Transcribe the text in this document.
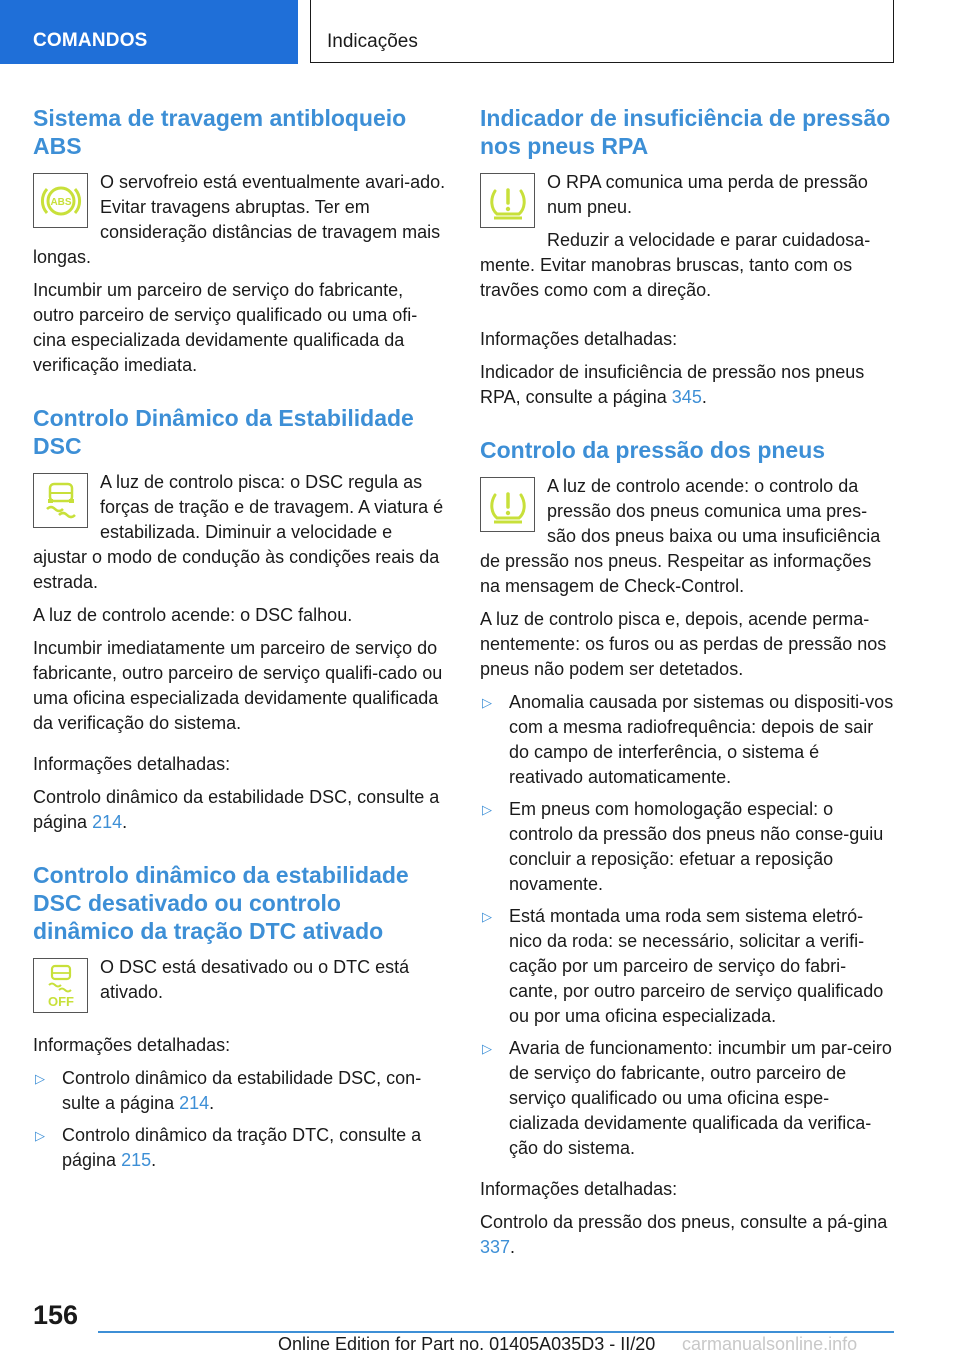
COMANDOS	Indicações
Sistema de travagem antibloqueio ABS
ABS

O servofreio está eventualmente avari-ado. Evitar travagens abruptas. Ter em consideração distâncias de travagem mais longas.

Incumbir um parceiro de serviço do fabricante, outro parceiro de serviço qualificado ou uma ofi-cina especializada devidamente qualificada da verificação imediata.

Controlo Dinâmico da Estabilidade DSC

A luz de controlo pisca: o DSC regula as forças de tração e de travagem. A viatura é estabilizada. Diminuir a velocidade e ajustar o modo de condução às condições reais da estrada.

A luz de controlo acende: o DSC falhou.

Incumbir imediatamente um parceiro de serviço do fabricante, outro parceiro de serviço qualifi-cado ou uma oficina especializada devidamente qualificada da verificação do sistema.

Informações detalhadas:

Controlo dinâmico da estabilidade DSC, consulte a página 214.

Controlo dinâmico da estabilidade DSC desativado ou controlo dinâmico da tração DTC ativado
OFF

O DSC está desativado ou o DTC está ativado.

Informações detalhadas:

▷ Controlo dinâmico da estabilidade DSC, con-sulte a página 214.
▷ Controlo dinâmico da tração DTC, consulte a página 215.
Indicador de insuficiência de pressão nos pneus RPA

O RPA comunica uma perda de pressão num pneu.

Reduzir a velocidade e parar cuidadosa-mente. Evitar manobras bruscas, tanto com os travões como com a direção.

Informações detalhadas:

Indicador de insuficiência de pressão nos pneus RPA, consulte a página 345.

Controlo da pressão dos pneus

A luz de controlo acende: o controlo da pressão dos pneus comunica uma pres-são dos pneus baixa ou uma insuficiência de pressão nos pneus. Respeitar as informações na mensagem de Check-Control.

A luz de controlo pisca e, depois, acende perma-nentemente: os furos ou as perdas de pressão nos pneus não podem ser detetados.

▷ Anomalia causada por sistemas ou dispositi-vos com a mesma radiofrequência: depois de sair do campo de interferência, o sistema é reativado automaticamente.
▷ Em pneus com homologação especial: o controlo da pressão dos pneus não conse-guiu concluir a reposição: efetuar a reposição novamente.
▷ Está montada uma roda sem sistema eletró-nico da roda: se necessário, solicitar a verifi-cação por um parceiro de serviço do fabri-cante, por outro parceiro de serviço qualificado ou por uma oficina especializada.
▷ Avaria de funcionamento: incumbir um par-ceiro de serviço do fabricante, outro parceiro de serviço qualificado ou uma oficina espe-cializada devidamente qualificada da verifica-ção do sistema.

Informações detalhadas:

Controlo da pressão dos pneus, consulte a pá-gina 337.

156
Online Edition for Part no. 01405A035D3 - II/20 carmanualsonline.info
